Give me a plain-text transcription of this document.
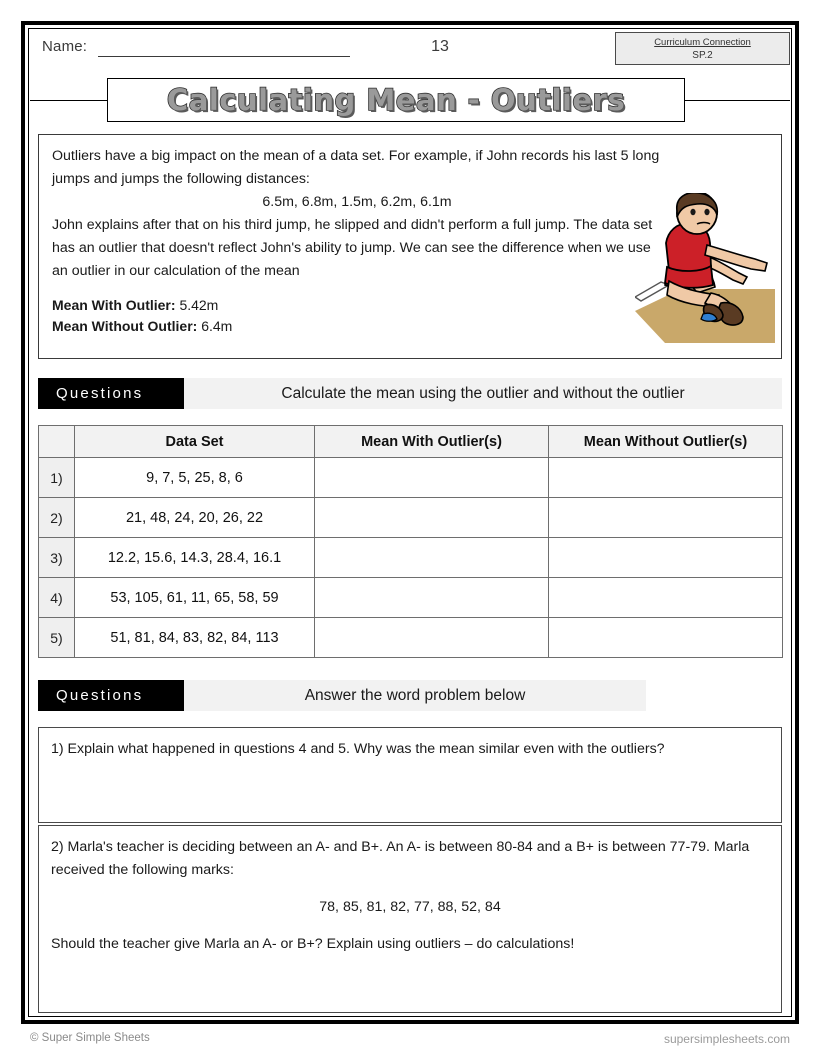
Name:	13	Curriculum Connection
SP.2
Calculating Mean - Outliers

Outliers have a big impact on the mean of a data set. For example, if John records his last 5 long jumps and jumps the following distances:

6.5m, 6.8m, 1.5m, 6.2m, 6.1m

John explains after that on his third jump, he slipped and didn't perform a full jump. The data set has an outlier that doesn't reflect John's ability to jump. We can see the difference when we use an outlier in our calculation of the mean

Mean With Outlier: 5.42m
Mean Without Outlier: 6.4m
Questions	Calculate the mean using the outlier and without the outlier
	Data Set	Mean With Outlier(s)	Mean Without Outlier(s)
1)	9, 7, 5, 25, 8, 6		
2)	21, 48, 24, 20, 26, 22		
3)	12.2, 15.6, 14.3, 28.4, 16.1		
4)	53, 105, 61, 11, 65, 58, 59		
5)	51, 81, 84, 83, 82, 84, 113		
Questions	Answer the word problem below

1) Explain what happened in questions 4 and 5. Why was the mean similar even with the outliers?

2) Marla's teacher is deciding between an A- and B+. An A- is between 80-84 and a B+ is between 77-79. Marla received the following marks:

78, 85, 81, 82, 77, 88, 52, 84

Should the teacher give Marla an A- or B+? Explain using outliers – do calculations!

© Super Simple Sheets	supersimplesheets.com
